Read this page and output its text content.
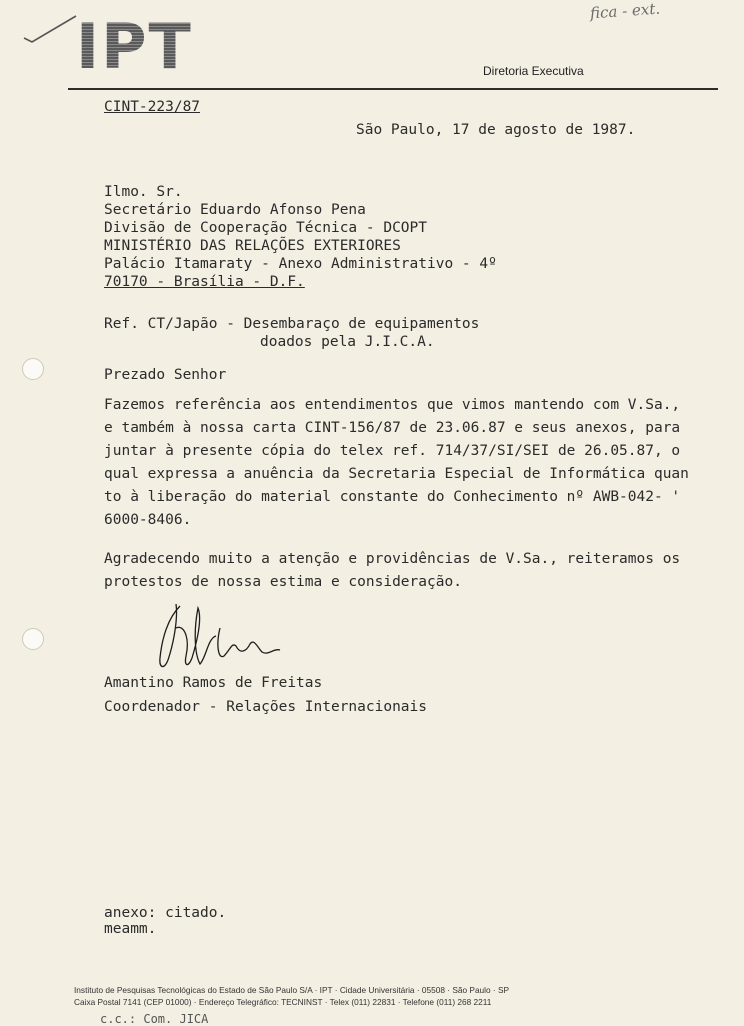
IPT	fica - ext.
Diretoria Executiva
CINT-223/87
São Paulo, 17 de agosto de 1987.
Ilmo. Sr.
Secretário Eduardo Afonso Pena
Divisão de Cooperação Técnica - DCOPT
MINISTÉRIO DAS RELAÇÕES EXTERIORES
Palácio Itamaraty - Anexo Administrativo - 4º
70170 - Brasília - D.F.
Ref. CT/Japão - Desembaraço de equipamentos
doados pela J.I.C.A.
Prezado Senhor
Fazemos referência aos entendimentos que vimos mantendo com V.Sa.,
e também à nossa carta CINT-156/87 de 23.06.87 e seus anexos, para
juntar à presente cópia do telex ref. 714/37/SI/SEI de 26.05.87, o
qual expressa a anuência da Secretaria Especial de Informática quan
to à liberação do material constante do Conhecimento nº AWB-042- '
6000-8406.
Agradecendo muito a atenção e providências de V.Sa., reiteramos os
protestos de nossa estima e consideração.
Amantino Ramos de Freitas
Coordenador - Relações Internacionais
anexo: citado.
meamm.
Instituto de Pesquisas Tecnológicas do Estado de São Paulo S/A · IPT · Cidade Universitária · 05508 · São Paulo · SP
Caixa Postal 7141 (CEP 01000) · Endereço Telegráfico: TECNINST · Telex (011) 22831 · Telefone (011) 268 2211
c.c.: Com. JICA
